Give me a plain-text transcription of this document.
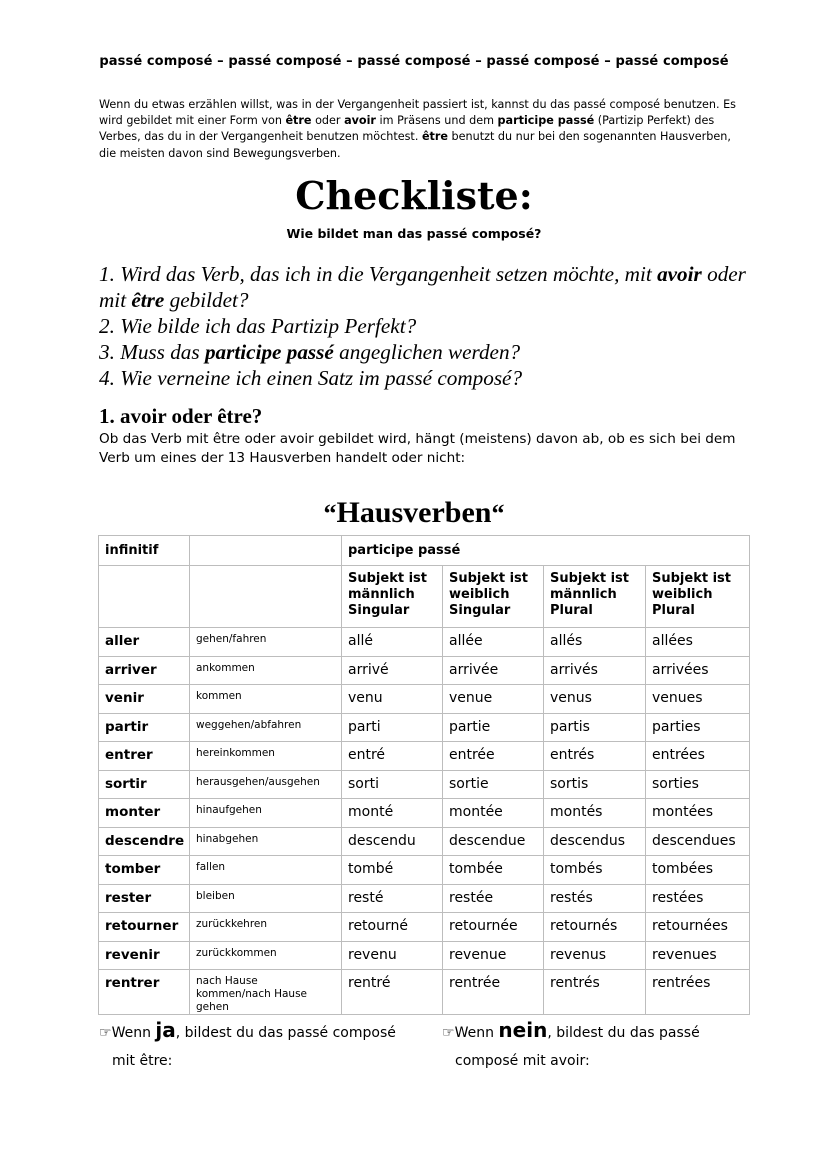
passé composé – passé composé – passé composé – passé composé – passé composé
Wenn du etwas erzählen willst, was in der Vergangenheit passiert ist, kannst du das passé composé benutzen. Es wird gebildet mit einer Form von être oder avoir im Präsens und dem participe passé (Partizip Perfekt) des Verbes, das du in der Vergangenheit benutzen möchtest. être benutzt du nur bei den sogenannten Hausverben, die meisten davon sind Bewegungsverben.
Checkliste:
Wie bildet man das passé composé?

1. Wird das Verb, das ich in die Vergangenheit setzen möchte, mit avoir oder mit être gebildet?

2. Wie bilde ich das Partizip Perfekt?

3. Muss das participe passé angeglichen werden?

4. Wie verneine ich einen Satz im passé composé?

1. avoir oder être?
Ob das Verb mit être oder avoir gebildet wird, hängt (meistens) davon ab, ob es sich bei dem Verb um eines der 13 Hausverben handelt oder nicht:
“Hausverben“
infinitif		participe passé			
		Subjekt ist männlich Singular	Subjekt ist weiblich Singular	Subjekt ist männlich Plural	Subjekt ist weiblich Plural
aller	gehen/fahren	allé	allée	allés	allées
arriver	ankommen	arrivé	arrivée	arrivés	arrivées
venir	kommen	venu	venue	venus	venues
partir	weggehen/abfahren	parti	partie	partis	parties
entrer	hereinkommen	entré	entrée	entrés	entrées
sortir	herausgehen/ausgehen	sorti	sortie	sortis	sorties
monter	hinaufgehen	monté	montée	montés	montées
descendre	hinabgehen	descendu	descendue	descendus	descendues
tomber	fallen	tombé	tombée	tombés	tombées
rester	bleiben	resté	restée	restés	restées
retourner	zurückkehren	retourné	retournée	retournés	retournées
revenir	zurückkommen	revenu	revenue	revenus	revenues
rentrer	nach Hause kommen/nach Hause gehen	rentré	rentrée	rentrés	rentrées
☞Wenn ja, bildest du das passé composé
mit être:
☞Wenn nein, bildest du das passé
composé mit avoir:
